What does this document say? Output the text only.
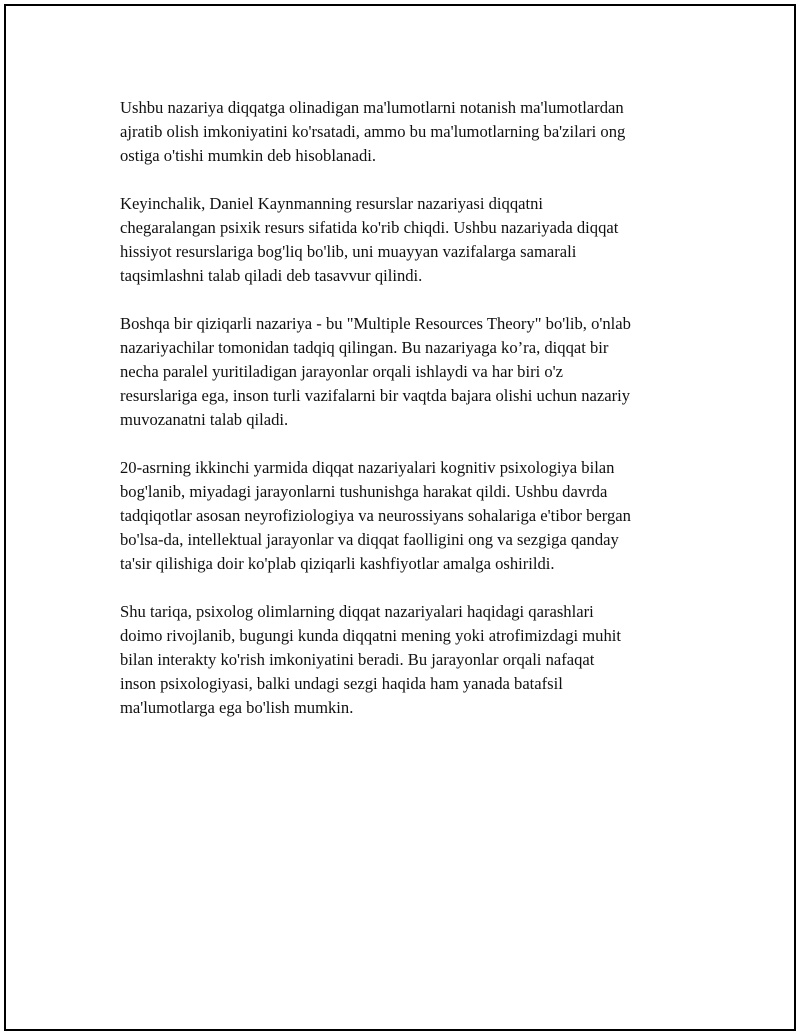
Ushbu nazariya diqqatga olinadigan ma'lumotlarni notanish ma'lumotlardan
ajratib olish imkoniyatini ko'rsatadi, ammo bu ma'lumotlarning ba'zilari ong
ostiga o'tishi mumkin deb hisoblanadi.

Keyinchalik, Daniel Kaynmanning resurslar nazariyasi diqqatni
chegaralangan psixik resurs sifatida ko'rib chiqdi. Ushbu nazariyada diqqat
hissiyot resurslariga bog'liq bo'lib, uni muayyan vazifalarga samarali
taqsimlashni talab qiladi deb tasavvur qilindi.

Boshqa bir qiziqarli nazariya - bu "Multiple Resources Theory" bo'lib, o'nlab
nazariyachilar tomonidan tadqiq qilingan. Bu nazariyaga ko’ra, diqqat bir
necha paralel yuritiladigan jarayonlar orqali ishlaydi va har biri o'z
resurslariga ega, inson turli vazifalarni bir vaqtda bajara olishi uchun nazariy
muvozanatni talab qiladi.

20-asrning ikkinchi yarmida diqqat nazariyalari kognitiv psixologiya bilan
bog'lanib, miyadagi jarayonlarni tushunishga harakat qildi. Ushbu davrda
tadqiqotlar asosan neyrofiziologiya va neurossiyans sohalariga e'tibor bergan
bo'lsa-da, intellektual jarayonlar va diqqat faolligini ong va sezgiga qanday
ta'sir qilishiga doir ko'plab qiziqarli kashfiyotlar amalga oshirildi.

Shu tariqa, psixolog olimlarning diqqat nazariyalari haqidagi qarashlari
doimo rivojlanib, bugungi kunda diqqatni mening yoki atrofimizdagi muhit
bilan interakty ko'rish imkoniyatini beradi. Bu jarayonlar orqali nafaqat
inson psixologiyasi, balki undagi sezgi haqida ham yanada batafsil
ma'lumotlarga ega bo'lish mumkin.
